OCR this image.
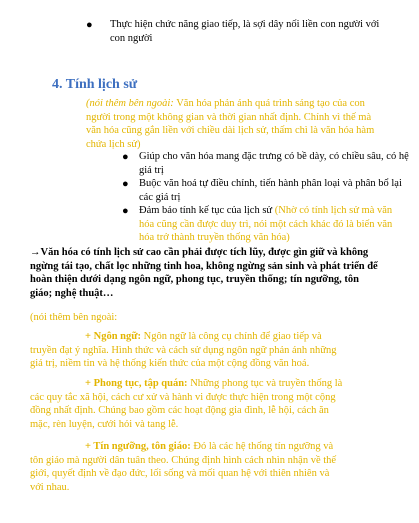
● Thực hiện chức năng giao tiếp, là sợi dây nối liền con người với
con người
4. Tính lịch sử
(nói thêm bên ngoài: Văn hóa phản ánh quá trình sáng tạo của con
người trong một không gian và thời gian nhất định. Chính vì thế mà
văn hóa cũng gắn liền với chiều dài lịch sử, thấm chì là văn hóa hàm
chứa lịch sử)
● Giúp cho văn hóa mang đặc trưng có bề dày, có chiều sâu, có hệ
giá trị
● Buộc văn hoá tự điều chỉnh, tiến hành phân loại và phân bổ lại
các giá trị
● Đảm bảo tính kế tục của lịch sử (Nhờ có tính lịch sử mà văn
hóa cũng cần được duy trì, nói một cách khác đó là biến văn
hóa trở thành truyền thống văn hóa)
→Văn hóa có tính lịch sử cao cần phải được tích lũy, được gìn giữ và không
ngừng tái tạo, chất lọc những tinh hoa, không ngừng sản sinh và phát triển để
hoàn thiện dưới dạng ngôn ngữ, phong tục, truyền thống; tín ngưỡng, tôn
giáo; nghệ thuật…
(nói thêm bên ngoài:
+ Ngôn ngữ: Ngôn ngữ là công cụ chính để giao tiếp và
truyền đạt ý nghĩa. Hình thức và cách sử dụng ngôn ngữ phản ánh những
giá trị, niềm tin và hệ thống kiến thức của một cộng đồng văn hoá.
+ Phong tục, tập quán: Những phong tục và truyền thống là
các quy tắc xã hội, cách cư xử và hành vi được thực hiện trong một cộng
đồng nhất định. Chúng bao gồm các hoạt động gia đình, lễ hội, cách ăn
mặc, rèn luyện, cưới hỏi và tang lễ.
+ Tín ngưỡng, tôn giáo: Đó là các hệ thống tín ngưỡng và
tôn giáo mà người dân tuân theo. Chúng định hình cách nhìn nhận về thế
giới, quyết định về đạo đức, lối sống và mối quan hệ với thiên nhiên và
với nhau.
